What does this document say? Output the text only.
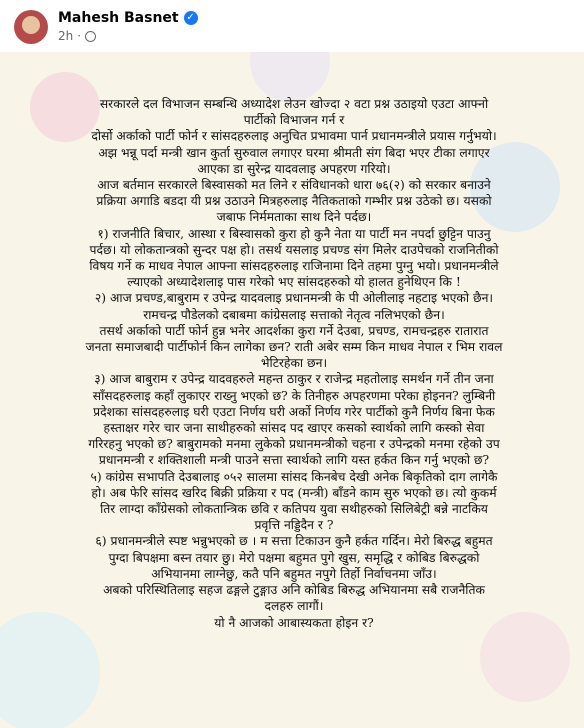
Mahesh Basnet ✓
2h ·

सरकारले दल विभाजन सम्बन्धि अध्यादेश लेउन खोज्दा २ वटा प्रश्न उठाइयो एउटा आफ्नो

पार्टीको विभाजन गर्न र

दोर्सो अर्काको पार्टी फोर्न र सांसदहरुलाइ अनुचित प्रभावमा पार्न प्रधानमन्त्रीले प्रयास गर्नुभयो।

अझ भन्नू पर्दा मन्त्री खान कुर्ता सुरुवाल लगाएर घरमा श्रीमती संग बिदा भएर टीका लगाएर

आएका डा सुरेन्द्र यादवलाइ अपहरण गरियो।

आज बर्तमान सरकारले बिस्वासको मत लिने र संविधानको धारा ७६(२) को सरकार बनाउने

प्रक्रिया अगाडि बडदा यी प्रश्न उठाउने मित्रहरुलाइ नैतिकताको गम्भीर प्रश्न उठेको छ। यसको

जबाफ निर्ममताका साथ दिने पर्दछ।

१) राजनीति बिचार, आस्था र बिस्वासको कुरा हो कुनै नेता या पार्टी मन नपर्दा छुट्टिन पाउनु

पर्दछ। यो लोकतान्त्रको सुन्दर पक्ष हो। तसर्थ यसलाइ प्रचण्ड संग मिलेर दाउपेचको राजनितीको

विषय गर्ने क माधव नेपाल आफ्ना सांसदहरुलाइ राजिनामा दिने तहमा पुग्नु भयो। प्रधानमन्त्रीले

ल्याएको अध्यादेशलाइ पास गरेको भए सांसदहरुको यो हालत हुनेथिएन कि !

२) आज प्रचण्ड,बाबुराम र उपेन्द्र यादवलाइ प्रधानमन्त्री के पी ओलीलाइ नहटाइ भएको छैन।

रामचन्द्र पौडेलको दबाबमा कांग्रेसलाइ सत्ताको नेतृत्व नलिभएको छैन।

तसर्थ अर्काको पार्टी फोर्न हुन्न भनेर आदर्शका कुरा गर्ने देउबा, प्रचण्ड, रामचन्द्रहरु रातारात

जनता समाजबादी पार्टीफोर्न किन लागेका छन? राती अबेर सम्म किन माधव नेपाल र भिम रावल

भेटिरहेका छन।

३) आज बाबुराम र उपेन्द्र यादवहरुले महन्त ठाकुर र राजेन्द्र महतोलाइ समर्थन गर्ने तीन जना

साँसदहरुलाइ कहाँ लुकाएर राख्नु भएको छ? के तिनीहरु अपहरणमा परेका होइनन? लुम्बिनी

प्रदेशका सांसदहरुलाइ घरी एउटा निर्णय घरी अर्को निर्णय गरेर पार्टीको कुनै निर्णय बिना फेक

हस्ताक्षर गरेर चार जना साथीहरुको सांसद पद खाएर कसको स्वार्थको लागि कस्को सेवा

गरिरहनु भएको छ? बाबुरामको मनमा लुकेको प्रधानमन्त्रीको चहना र उपेन्द्रको मनमा रहेको उप

प्रधानमन्त्री र शक्तिशाली मन्त्री पाउने सत्ता स्वार्थको लागि यस्त हर्कत किन गर्नु भएको छ?

५) कांग्रेस सभापति देउबालाइ ०५२ सालमा सांसद किनबेच देखी अनेक बिकृतिको दाग लागेकै

हो। अब फेरि सांसद खरिद बिक्री प्रक्रिया र पद (मन्त्री) बाँडने काम सुरु भएको छ। त्यो कुकर्म

तिर लाग्दा काँग्रेसको लोकतान्त्रिक छवि र कतिपय युवा सथीहरुको सिलिबेट्री बन्ने नाटकिय

प्रवृत्ति नड्डिदैन र ?

६) प्रधानमन्त्रीले स्पष्ट भन्नुभएको छ । म सत्ता टिकाउन कुनै हर्कत गर्दिन। मेरो बिरुद्ध बहुमत

पुग्दा बिपक्षमा बस्न तयार छु। मेरो पक्षमा बहुमत पुगे खुस, समृद्धि र कोबिड बिरुद्धको

अभियानमा लाग्नेछु, कतै पनि बहुमत नपुगे तिर्हो निर्वाचनमा जाँउ।

अबको परिस्थितिलाइ सहज ढङ्गले टुङ्गाउ अनि कोबिड बिरुद्ध अभियानमा सबै राजनैतिक

दलहरु लागौं।

यो नै आजको आबास्यकता होइन र?
